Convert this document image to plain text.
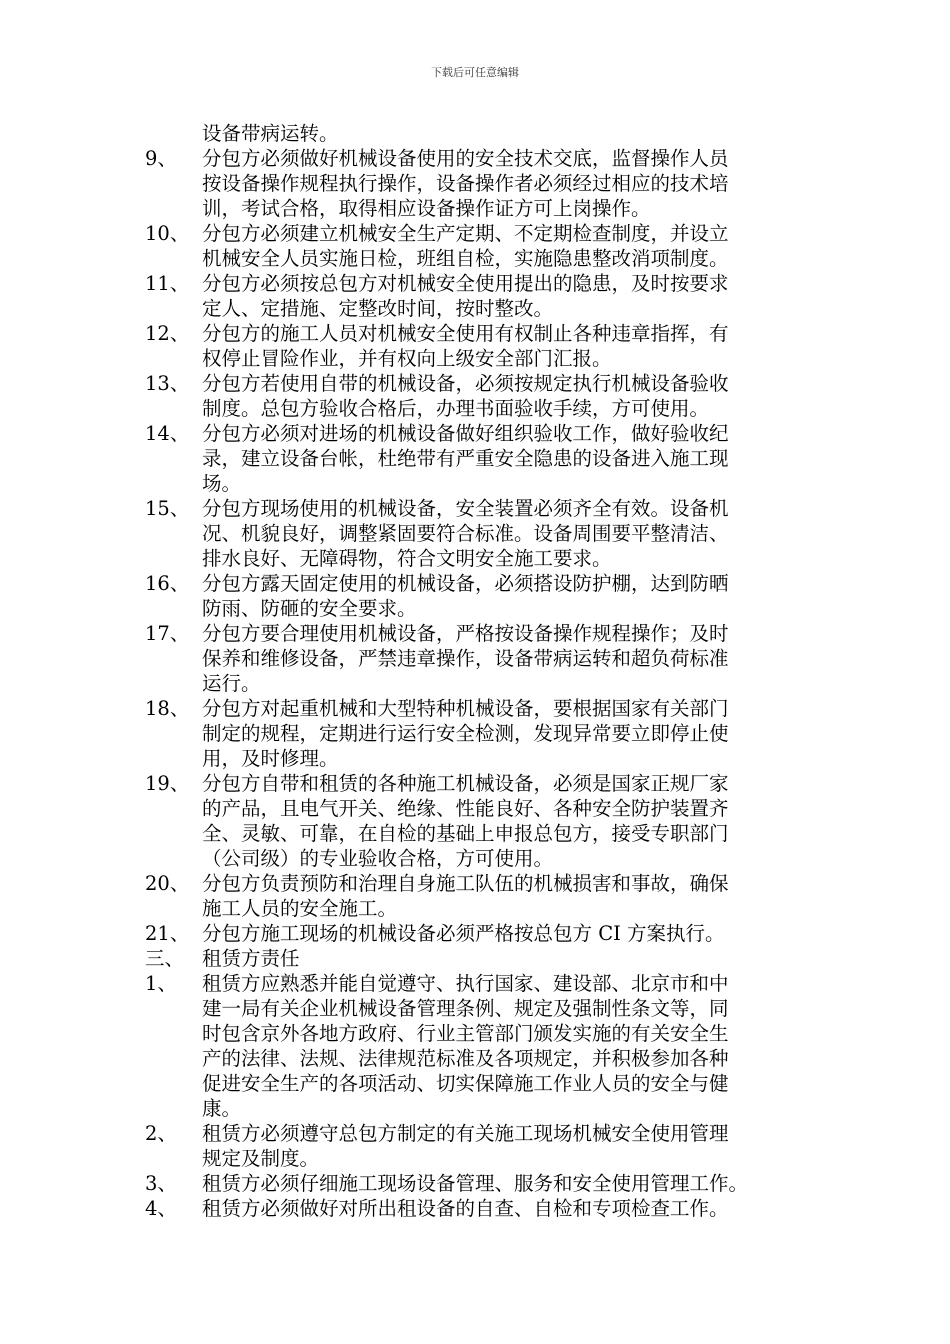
下载后可任意编辑
设备带病运转。
9、 分包方必须做好机械设备使用的安全技术交底，监督操作人员
按设备操作规程执行操作，设备操作者必须经过相应的技术培
训，考试合格，取得相应设备操作证方可上岗操作。
10、 分包方必须建立机械安全生产定期、不定期检查制度，并设立
机械安全人员实施日检，班组自检，实施隐患整改消项制度。
11、 分包方必须按总包方对机械安全使用提出的隐患，及时按要求
定人、定措施、定整改时间，按时整改。
12、 分包方的施工人员对机械安全使用有权制止各种违章指挥，有
权停止冒险作业，并有权向上级安全部门汇报。
13、 分包方若使用自带的机械设备，必须按规定执行机械设备验收
制度。总包方验收合格后，办理书面验收手续，方可使用。
14、 分包方必须对进场的机械设备做好组织验收工作，做好验收纪
录，建立设备台帐，杜绝带有严重安全隐患的设备进入施工现
场。
15、 分包方现场使用的机械设备，安全装置必须齐全有效。设备机
况、机貌良好，调整紧固要符合标准。设备周围要平整清洁、
排水良好、无障碍物，符合文明安全施工要求。
16、 分包方露天固定使用的机械设备，必须搭设防护棚，达到防晒
防雨、防砸的安全要求。
17、 分包方要合理使用机械设备，严格按设备操作规程操作；及时
保养和维修设备，严禁违章操作，设备带病运转和超负荷标准
运行。
18、 分包方对起重机械和大型特种机械设备，要根据国家有关部门
制定的规程，定期进行运行安全检测，发现异常要立即停止使
用，及时修理。
19、 分包方自带和租赁的各种施工机械设备，必须是国家正规厂家
的产品，且电气开关、绝缘、性能良好、各种安全防护装置齐
全、灵敏、可靠，在自检的基础上申报总包方，接受专职部门
（公司级）的专业验收合格，方可使用。
20、 分包方负责预防和治理自身施工队伍的机械损害和事故，确保
施工人员的安全施工。
21、 分包方施工现场的机械设备必须严格按总包方 CI 方案执行。
三、 租赁方责任
1、 租赁方应熟悉并能自觉遵守、执行国家、建设部、北京市和中
建一局有关企业机械设备管理条例、规定及强制性条文等，同
时包含京外各地方政府、行业主管部门颁发实施的有关安全生
产的法律、法规、法律规范标准及各项规定，并积极参加各种
促进安全生产的各项活动、切实保障施工作业人员的安全与健
康。
2、 租赁方必须遵守总包方制定的有关施工现场机械安全使用管理
规定及制度。
3、 租赁方必须仔细施工现场设备管理、服务和安全使用管理工作。
4、 租赁方必须做好对所出租设备的自查、自检和专项检查工作。
